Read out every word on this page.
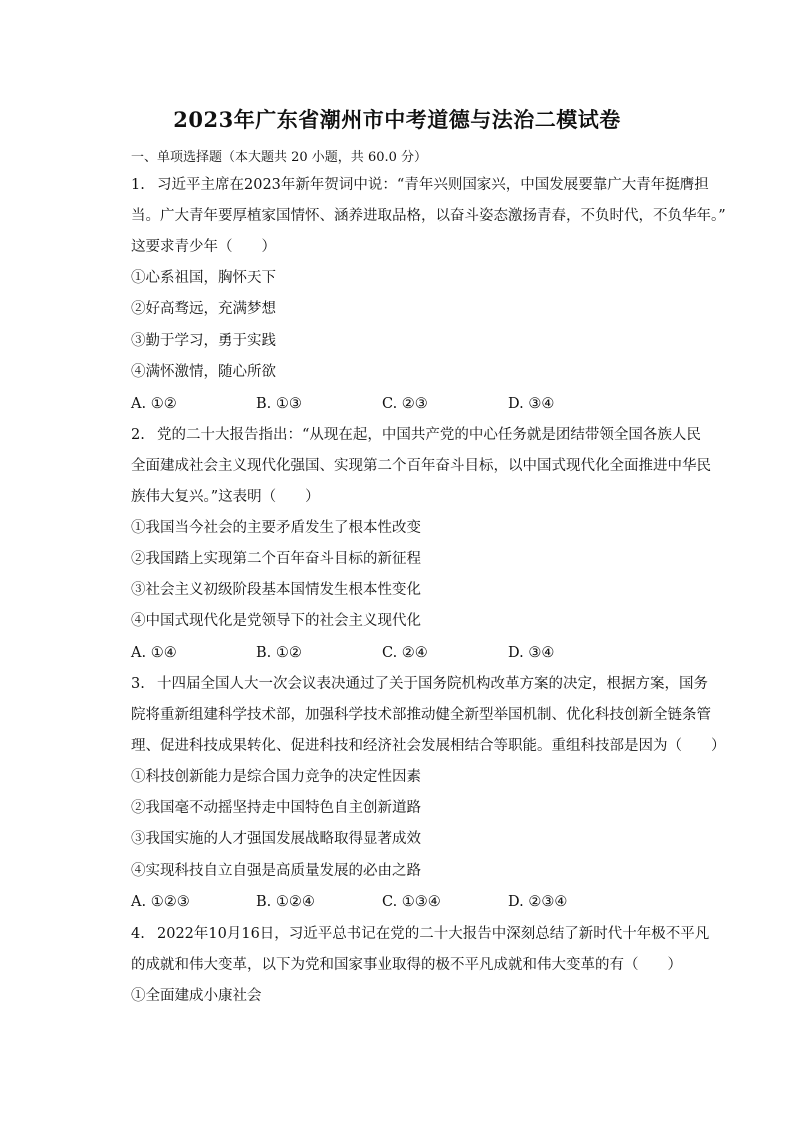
2023年广东省潮州市中考道德与法治二模试卷
一、单项选择题（本大题共 20 小题，共 60.0 分）
1. 习近平主席在2023年新年贺词中说：“青年兴则国家兴，中国发展要靠广大青年挺膺担
当。广大青年要厚植家国情怀、涵养进取品格，以奋斗姿态激扬青春，不负时代，不负华年。”
这要求青少年（　　）
①心系祖国，胸怀天下
②好高骛远，充满梦想
③勤于学习，勇于实践
④满怀激情，随心所欲
A. ①②	B. ①③	C. ②③	D. ③④
2. 党的二十大报告指出：“从现在起，中国共产党的中心任务就是团结带领全国各族人民
全面建成社会主义现代化强国、实现第二个百年奋斗目标，以中国式现代化全面推进中华民
族伟大复兴。”这表明（　　）
①我国当今社会的主要矛盾发生了根本性改变
②我国踏上实现第二个百年奋斗目标的新征程
③社会主义初级阶段基本国情发生根本性变化
④中国式现代化是党领导下的社会主义现代化
A. ①④	B. ①②	C. ②④	D. ③④
3. 十四届全国人大一次会议表决通过了关于国务院机构改革方案的决定，根据方案，国务
院将重新组建科学技术部，加强科学技术部推动健全新型举国机制、优化科技创新全链条管
理、促进科技成果转化、促进科技和经济社会发展相结合等职能。重组科技部是因为（　　）
①科技创新能力是综合国力竞争的决定性因素
②我国毫不动摇坚持走中国特色自主创新道路
③我国实施的人才强国发展战略取得显著成效
④实现科技自立自强是高质量发展的必由之路
A. ①②③	B. ①②④	C. ①③④	D. ②③④
4. 2022年10月16日，习近平总书记在党的二十大报告中深刻总结了新时代十年极不平凡
的成就和伟大变革，以下为党和国家事业取得的极不平凡成就和伟大变革的有（　　）
①全面建成小康社会
